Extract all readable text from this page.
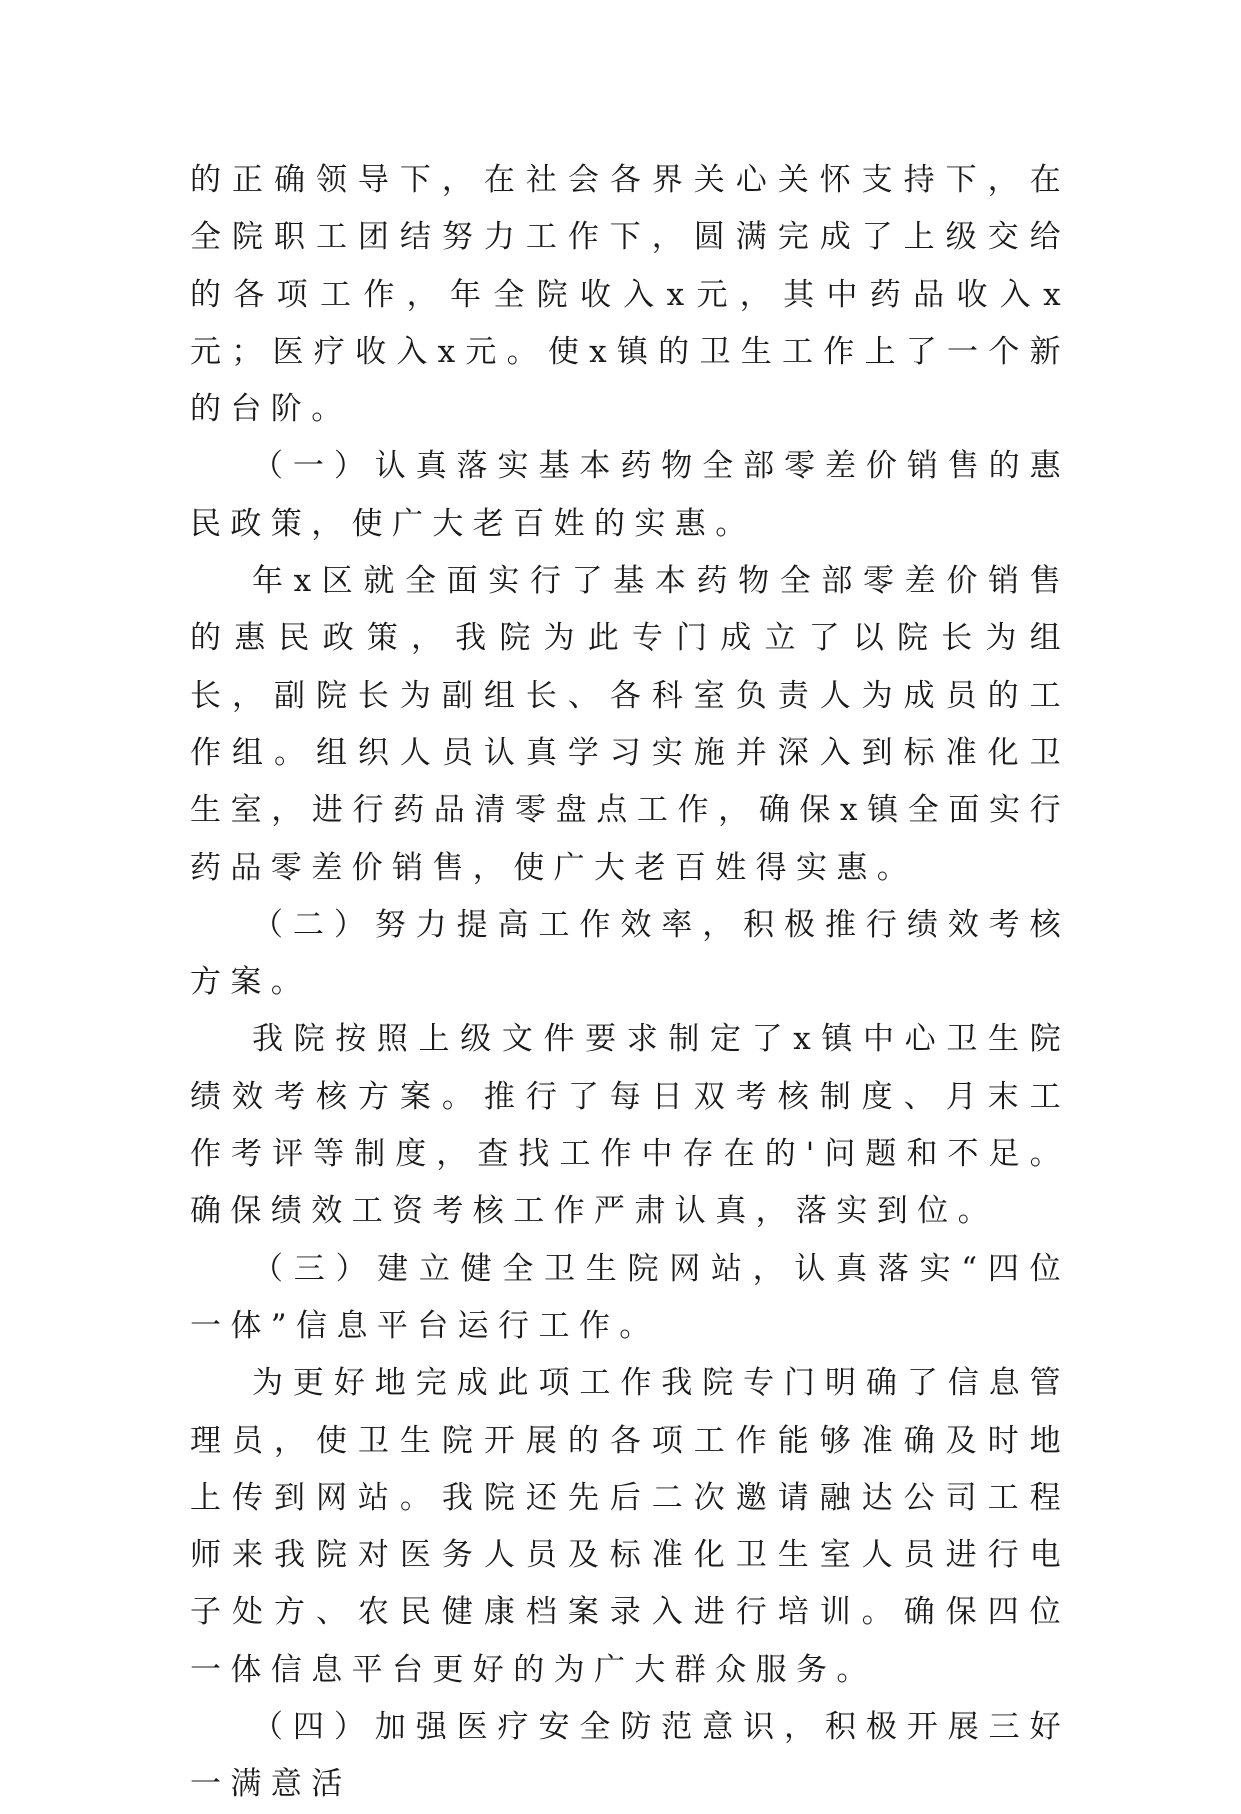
的正确领导下，在社会各界关心关怀支持下，在全院职工团结努力工作下，圆满完成了上级交给的各项工作，年全院收入x元，其中药品收入x元；医疗收入x元。使x镇的卫生工作上了一个新的台阶。

（一）认真落实基本药物全部零差价销售的惠民政策，使广大老百姓的实惠。

年x区就全面实行了基本药物全部零差价销售的惠民政策，我院为此专门成立了以院长为组长，副院长为副组长、各科室负责人为成员的工作组。组织人员认真学习实施并深入到标准化卫生室，进行药品清零盘点工作，确保x镇全面实行药品零差价销售，使广大老百姓得实惠。

（二）努力提高工作效率，积极推行绩效考核方案。

我院按照上级文件要求制定了x镇中心卫生院绩效考核方案。推行了每日双考核制度、月末工作考评等制度，查找工作中存在的'问题和不足。确保绩效工资考核工作严肃认真，落实到位。

（三）建立健全卫生院网站，认真落实“四位一体”信息平台运行工作。

为更好地完成此项工作我院专门明确了信息管理员，使卫生院开展的各项工作能够准确及时地上传到网站。我院还先后二次邀请融达公司工程师来我院对医务人员及标准化卫生室人员进行电子处方、农民健康档案录入进行培训。确保四位一体信息平台更好的为广大群众服务。

（四）加强医疗安全防范意识，积极开展三好一满意活
